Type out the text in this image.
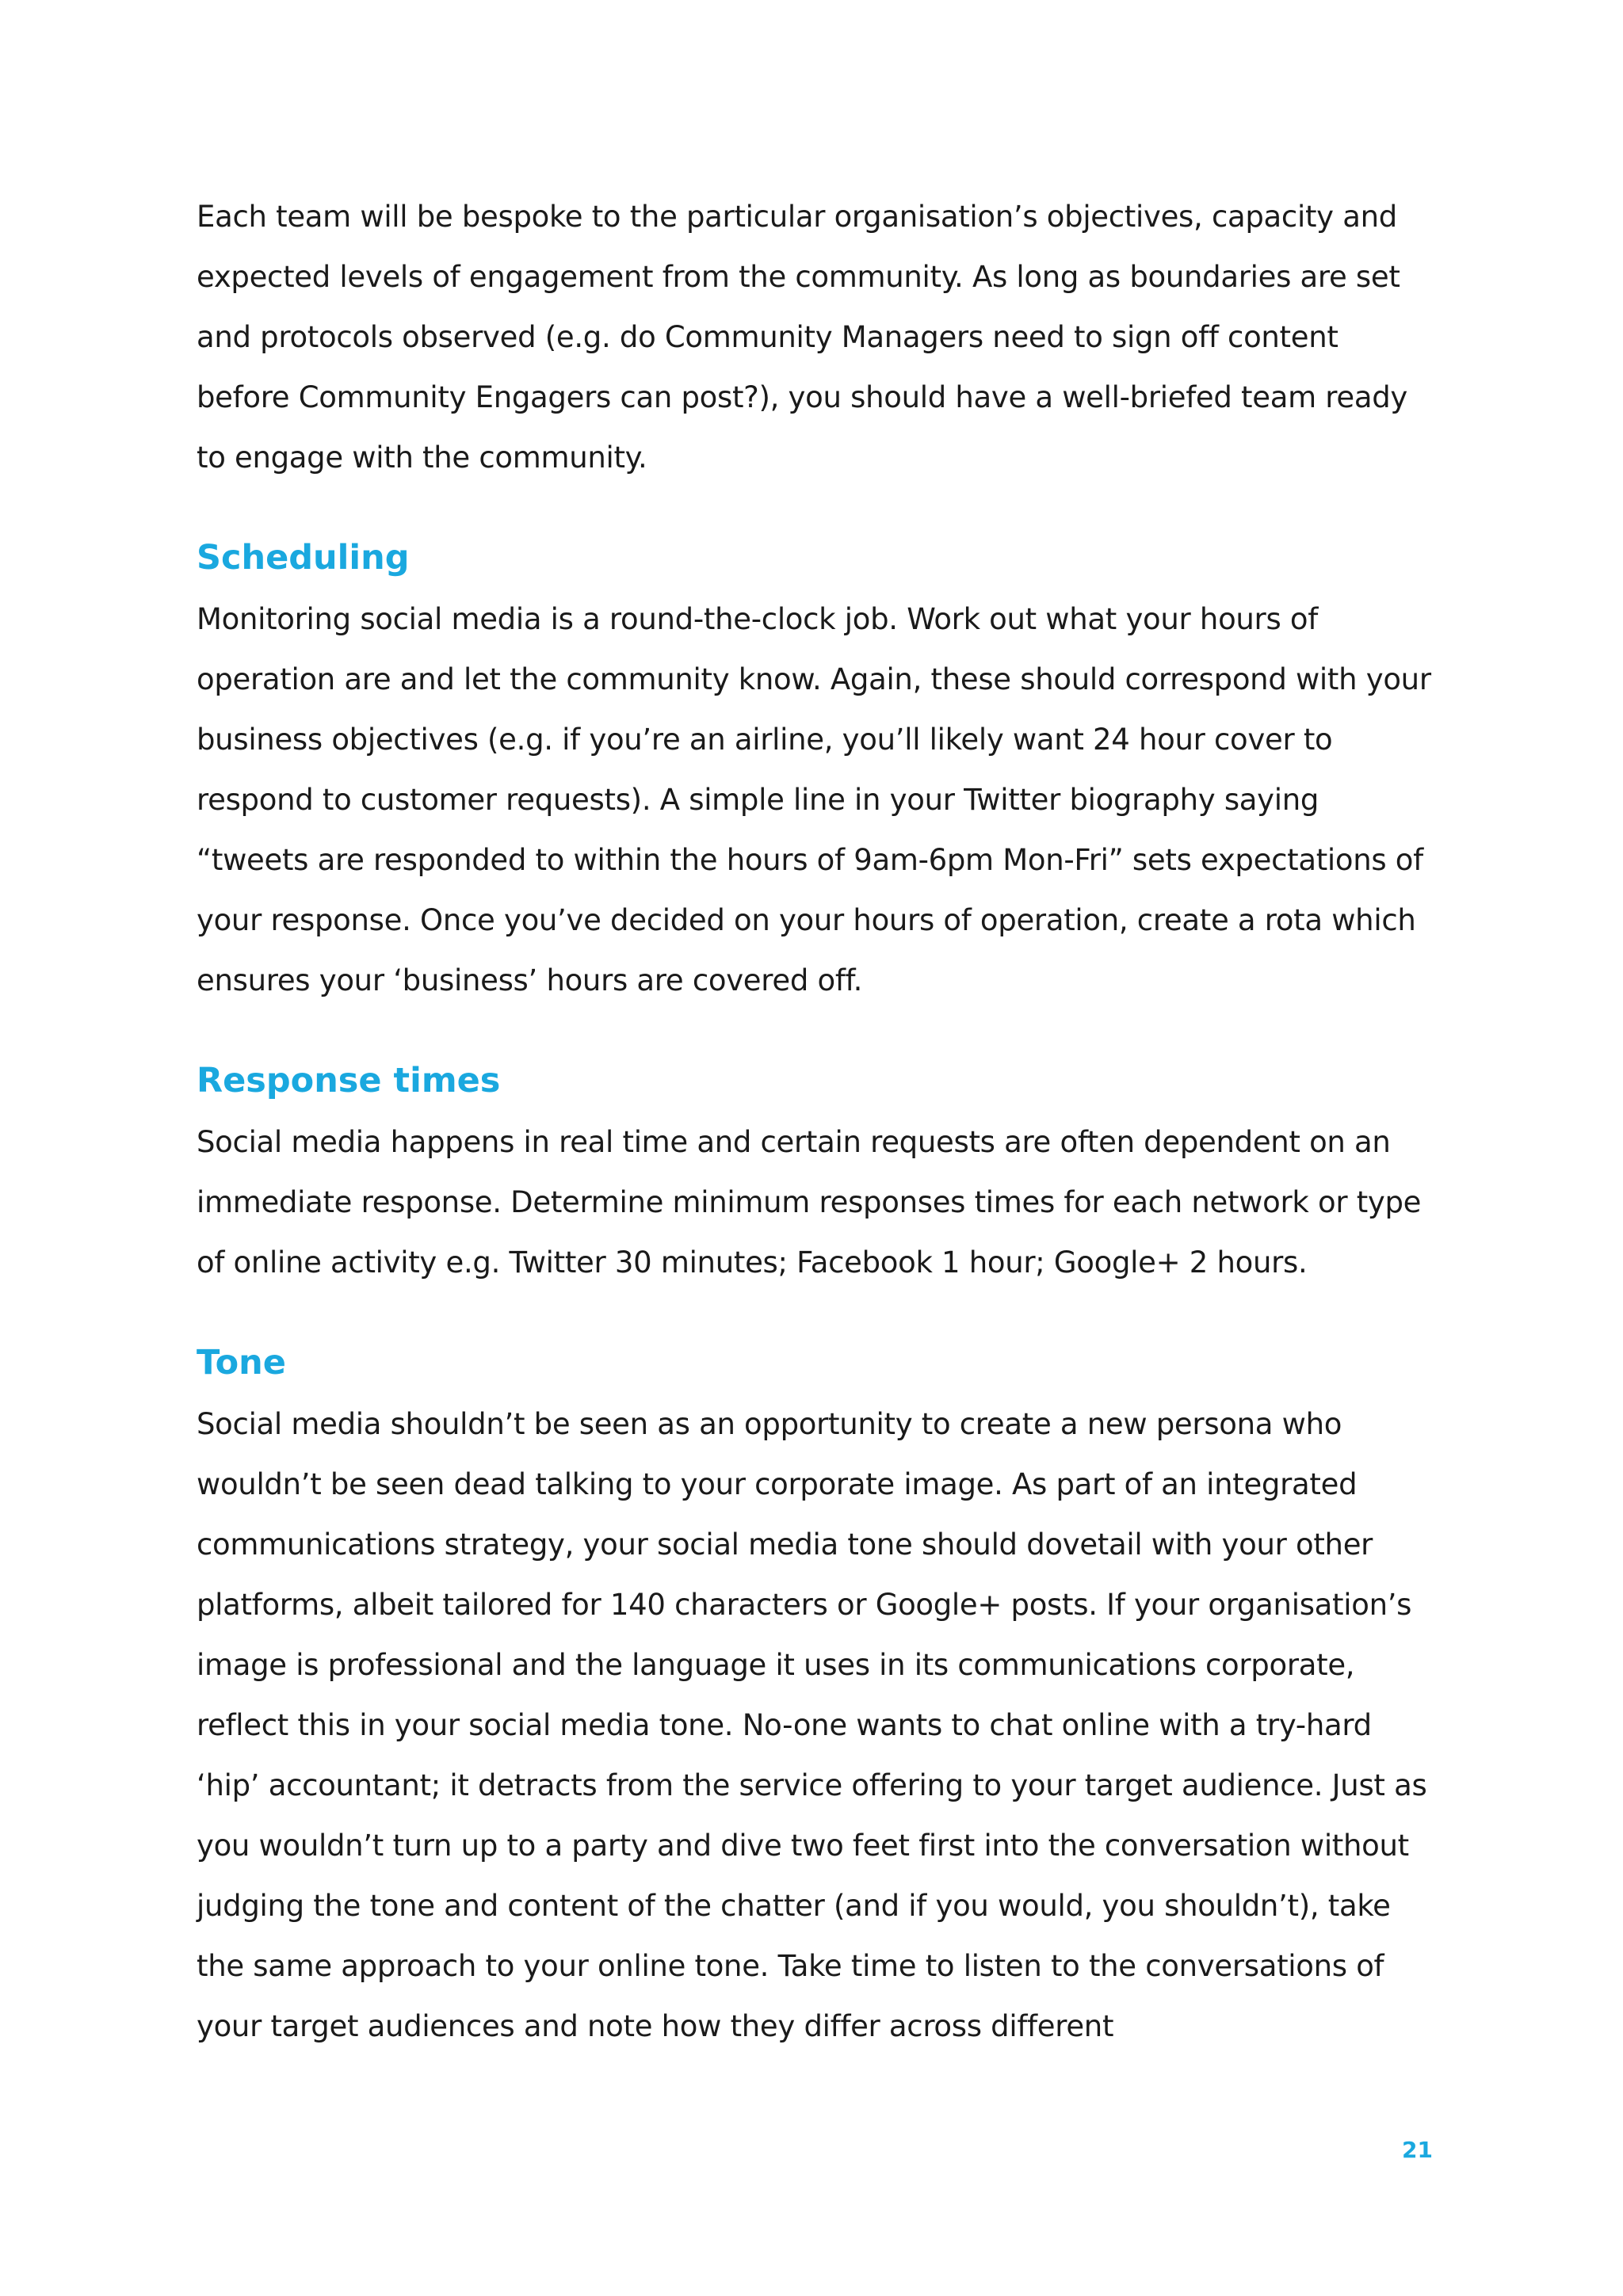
Each team will be bespoke to the particular organisation’s objectives, capacity and expected levels of engagement from the community. As long as boundaries are set and protocols observed (e.g. do Community Managers need to sign off content before Community Engagers can post?), you should have a well-briefed team ready to engage with the community.

Scheduling

Monitoring social media is a round-the-clock job. Work out what your hours of operation are and let the community know. Again, these should correspond with your business objectives (e.g. if you’re an airline, you’ll likely want 24 hour cover to respond to customer requests). A simple line in your Twitter biography saying “tweets are responded to within the hours of 9am-6pm Mon-Fri” sets expectations of your response. Once you’ve decided on your hours of operation, create a rota which ensures your ‘business’ hours are covered off.

Response times

Social media happens in real time and certain requests are often dependent on an immediate response. Determine minimum responses times for each network or type of online activity e.g. Twitter 30 minutes; Facebook 1 hour; Google+ 2 hours.

Tone

Social media shouldn’t be seen as an opportunity to create a new persona who wouldn’t be seen dead talking to your corporate image. As part of an integrated communications strategy, your social media tone should dovetail with your other platforms, albeit tailored for 140 characters or Google+ posts. If your organisation’s image is professional and the language it uses in its communications corporate, reflect this in your social media tone. No-one wants to chat online with a try-hard ‘hip’ accountant; it detracts from the service offering to your target audience. Just as you wouldn’t turn up to a party and dive two feet first into the conversation without judging the tone and content of the chatter (and if you would, you shouldn’t), take the same approach to your online tone. Take time to listen to the conversations of your target audiences and note how they differ across different

21
